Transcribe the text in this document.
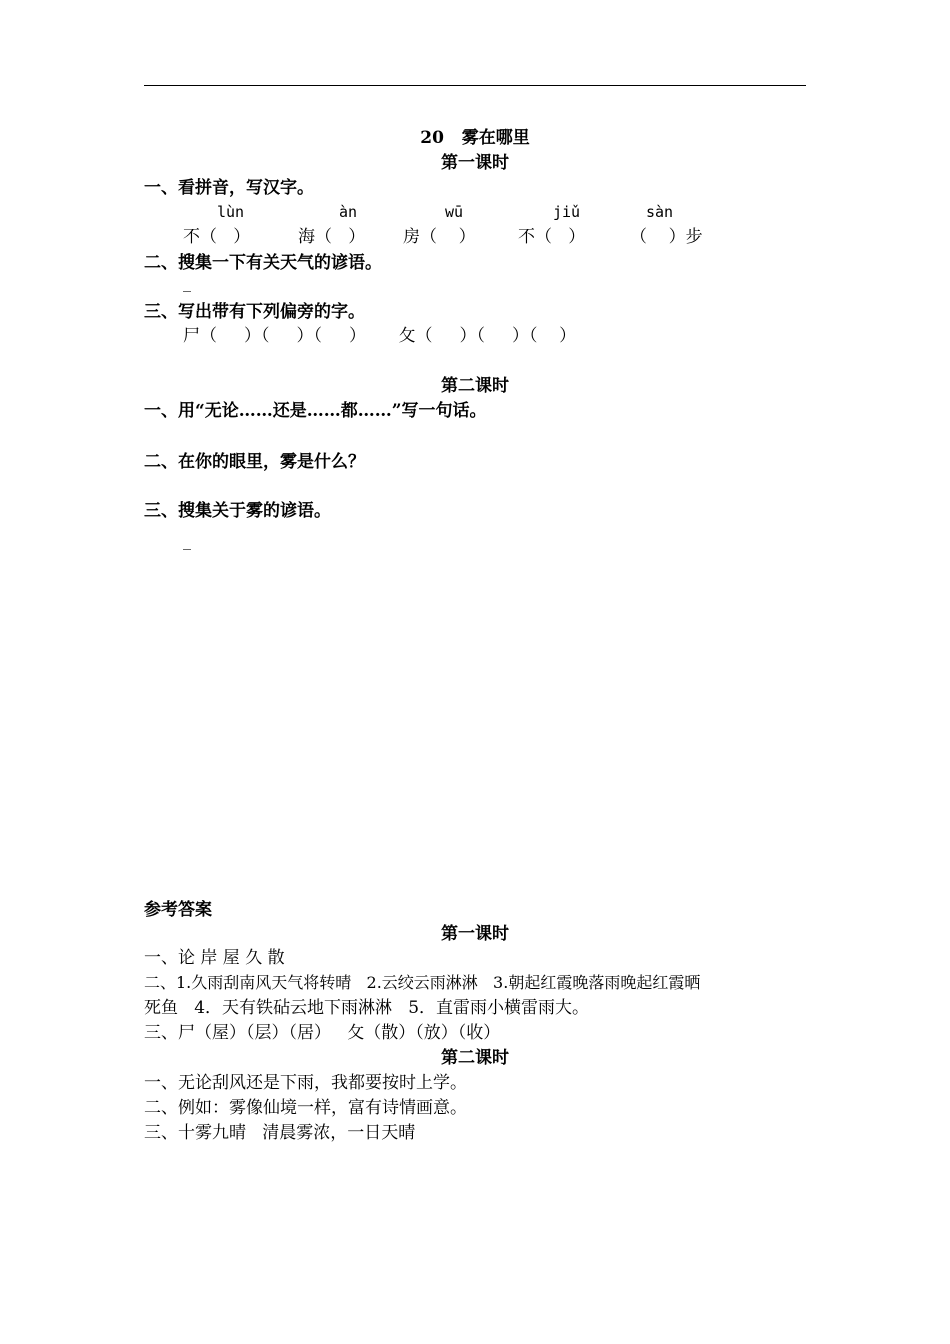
20   雾在哪里
第一课时
一、看拼音，写汉字。
lùn	àn	wū	jiǔ	sàn
不（   ）	海（   ） 房（    ） 不（   ）	（    ）步
二、搜集一下有关天气的谚语。
_
三、写出带有下列偏旁的字。
尸（     ）（     ）（     ）      攵（     ）（     ）（    ）
第二课时
一、用“无论……还是……都……”写一句话。
二、在你的眼里，雾是什么？
三、搜集关于雾的谚语。
_
参考答案
第一课时
一、论 岸 屋 久 散
二、1.久雨刮南风天气将转晴   2.云绞云雨淋淋   3.朝起红霞晚落雨晚起红霞晒
死鱼   4．天有铁砧云地下雨淋淋   5．直雷雨小横雷雨大。
三、尸（屋）（层）（居）   攵（散）（放）（收）
第二课时
一、无论刮风还是下雨，我都要按时上学。
二、例如：雾像仙境一样，富有诗情画意。
三、十雾九晴   清晨雾浓，一日天晴
